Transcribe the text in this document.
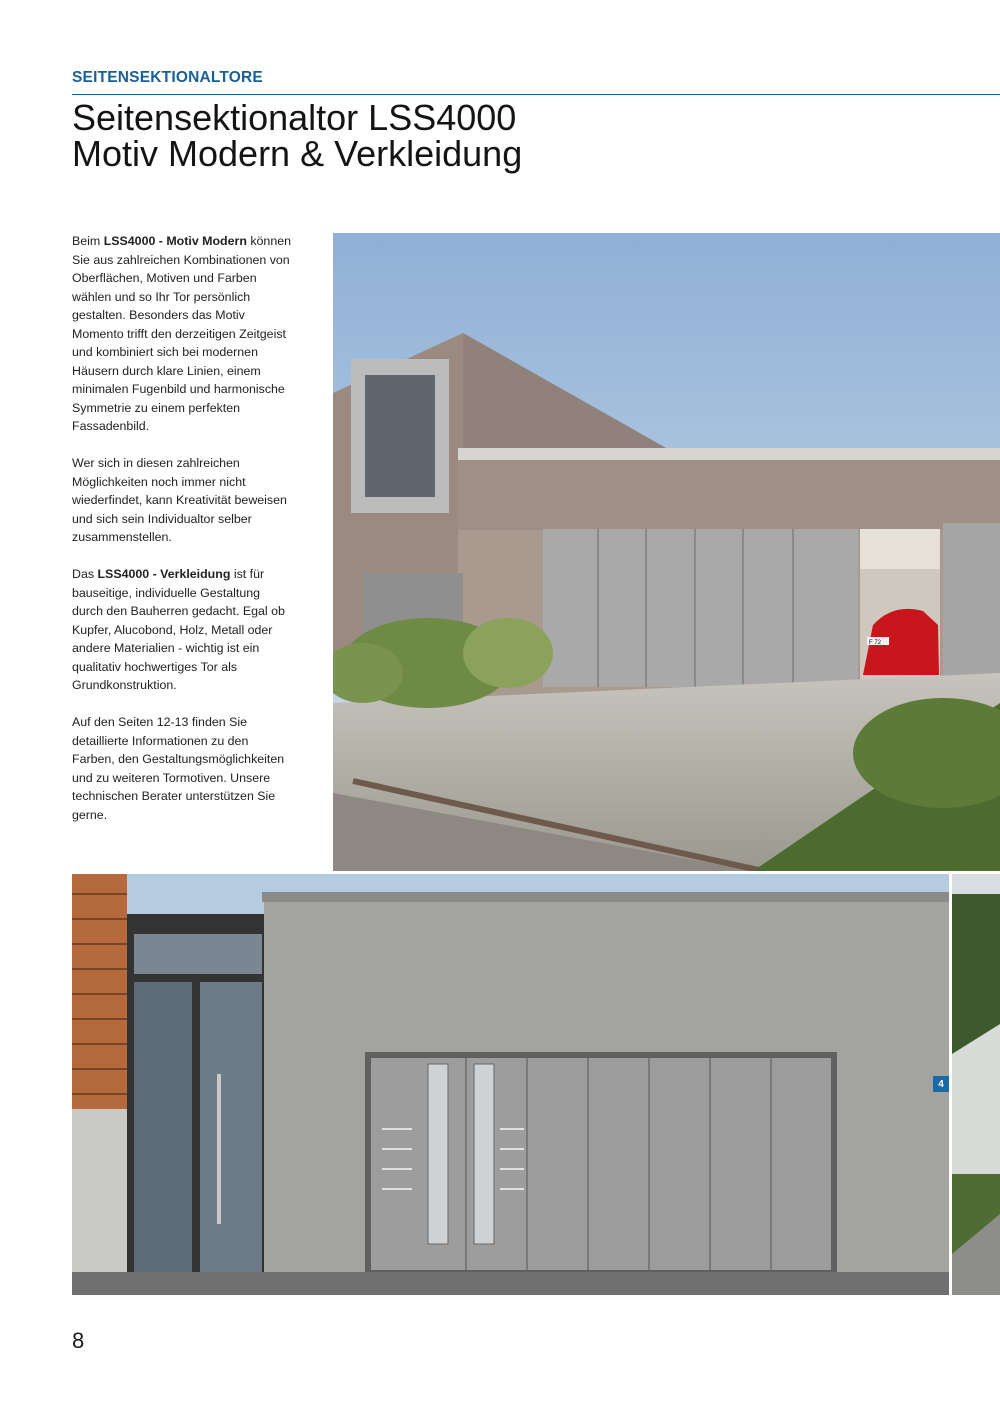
SEITENSEKTIONALTORE
Seitensektionaltor LSS4000
Motiv Modern & Verkleidung

Beim LSS4000 - Motiv Modern können Sie aus zahlreichen Kombinationen von Oberflächen, Motiven und Farben wählen und so Ihr Tor persönlich gestalten. Besonders das Motiv Momento trifft den derzeitigen Zeitgeist und kombiniert sich bei modernen Häusern durch klare Linien, einem minimalen Fugenbild und harmonische Symmetrie zu einem perfekten Fassadenbild.

Wer sich in diesen zahlreichen Möglichkeiten noch immer nicht wiederfindet, kann Kreativität beweisen und sich sein Individualtor selber zusammenstellen.

Das LSS4000 - Verkleidung ist für bauseitige, individuelle Gestaltung durch den Bauherren gedacht. Egal ob Kupfer, Alucobond, Holz, Metall oder andere Materialien - wichtig ist ein qualitativ hochwertiges Tor als Grundkonstruktion.

Auf den Seiten 12-13 finden Sie detaillierte Informationen zu den Farben, den Gestaltungsmöglichkeiten und zu weiteren Tormotiven. Unsere technischen Berater unterstützen Sie gerne.

F 72
4
8
